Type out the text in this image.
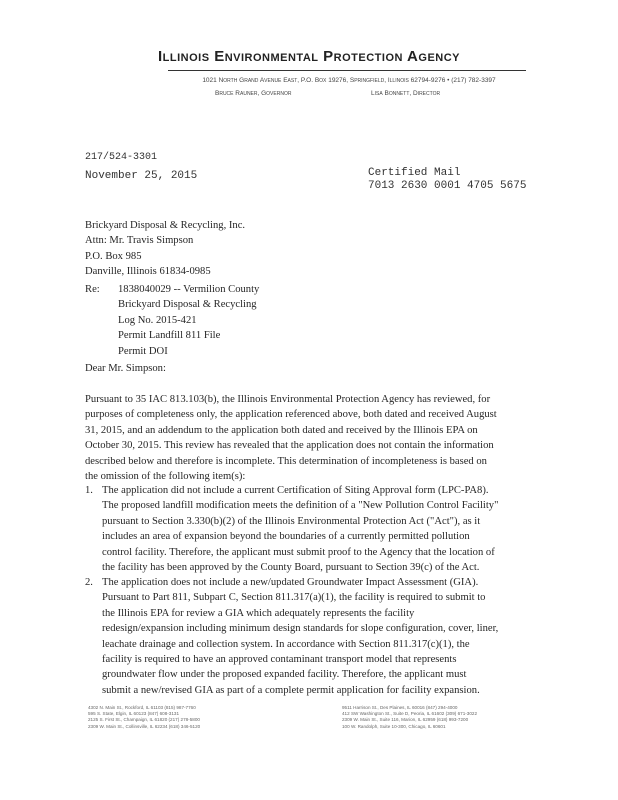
Illinois Environmental Protection Agency
1021 North Grand Avenue East, P.O. Box 19276, Springfield, Illinois 62794-9276 • (217) 782-3397
Bruce Rauner, Governor	Lisa Bonnett, Director
217/524-3301
November 25, 2015	Certified Mail
7013 2630 0001 4705 5675
Brickyard Disposal & Recycling, Inc.
Attn: Mr. Travis Simpson
P.O. Box 985
Danville, Illinois 61834-0985
Re: 1838040029 -- Vermilion County
Brickyard Disposal & Recycling
Log No. 2015-421
Permit Landfill 811 File
Permit DOI
Dear Mr. Simpson:
Pursuant to 35 IAC 813.103(b), the Illinois Environmental Protection Agency has reviewed, for
purposes of completeness only, the application referenced above, both dated and received August
31, 2015, and an addendum to the application both dated and received by the Illinois EPA on
October 30, 2015. This review has revealed that the application does not contain the information
described below and therefore is incomplete. This determination of incompleteness is based on
the omission of the following item(s):
1. The application did not include a current Certification of Siting Approval form (LPC-PA8).
The proposed landfill modification meets the definition of a "New Pollution Control Facility"
pursuant to Section 3.330(b)(2) of the Illinois Environmental Protection Act ("Act"), as it
includes an area of expansion beyond the boundaries of a currently permitted pollution
control facility. Therefore, the applicant must submit proof to the Agency that the location of
the facility has been approved by the County Board, pursuant to Section 39(c) of the Act.
2. The application does not include a new/updated Groundwater Impact Assessment (GIA).
Pursuant to Part 811, Subpart C, Section 811.317(a)(1), the facility is required to submit to
the Illinois EPA for review a GIA which adequately represents the facility
redesign/expansion including minimum design standards for slope configuration, cover, liner,
leachate drainage and collection system. In accordance with Section 811.317(c)(1), the
facility is required to have an approved contaminant transport model that represents
groundwater flow under the proposed expanded facility. Therefore, the applicant must
submit a new/revised GIA as part of a complete permit application for facility expansion.
4302 N. Main St., Rockford, IL 61103 (815) 987-7760
595 S. State, Elgin, IL 60123 (847) 608-3131
2125 S. First St., Champaign, IL 61820 (217) 278-5800
2309 W. Main St., Collinsville, IL 62234 (618) 346-5120
9511 Harrison St., Des Plaines, IL 60016 (847) 294-4000
412 SW Washington St., Suite D, Peoria, IL 61602 (309) 671-3022
2309 W. Main St., Suite 116, Marion, IL 62959 (618) 993-7200
100 W. Randolph, Suite 10-300, Chicago, IL 60601
